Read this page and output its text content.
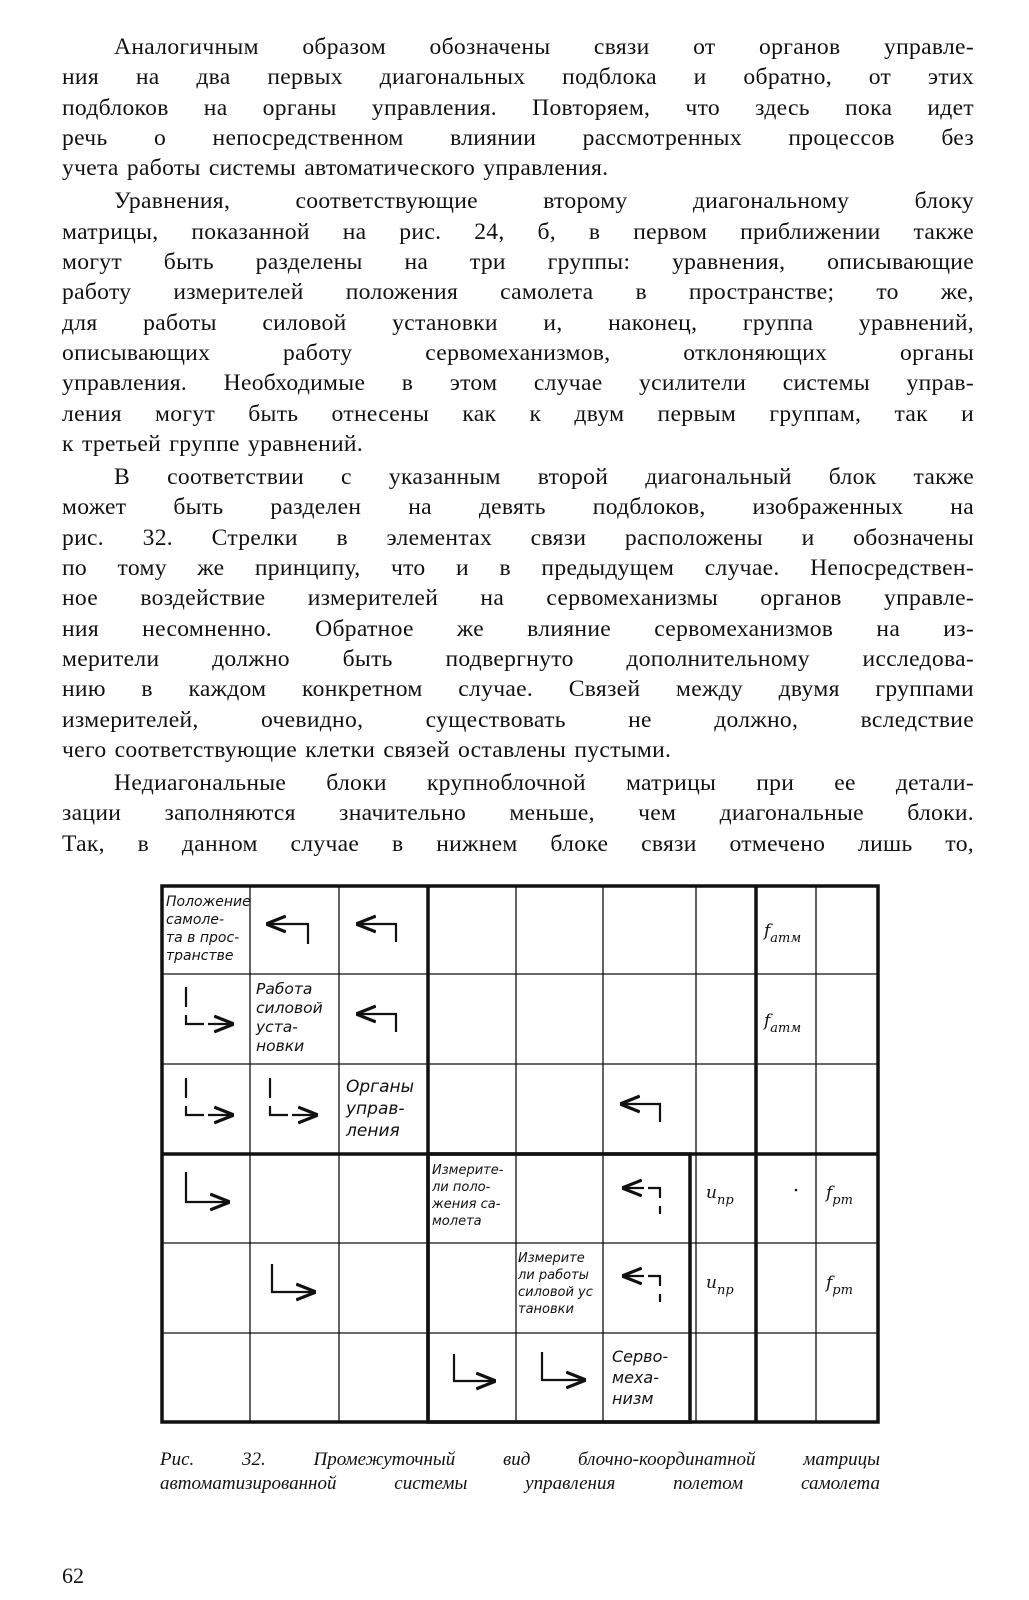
Аналогичным образом обозначены связи от органов управле-
ния на два первых диагональных подблока и обратно, от этих
подблоков на органы управления. Повторяем, что здесь пока идет
речь о непосредственном влиянии рассмотренных процессов без
учета работы системы автоматического управления.

Уравнения, соответствующие второму диагональному блоку
матрицы, показанной на рис. 24, б, в первом приближении также
могут быть разделены на три группы: уравнения, описывающие
работу измерителей положения самолета в пространстве; то же,
для работы силовой установки и, наконец, группа уравнений,
описывающих работу сервомеханизмов, отклоняющих органы
управления. Необходимые в этом случае усилители системы управ-
ления могут быть отнесены как к двум первым группам, так и
к третьей группе уравнений.

В соответствии с указанным второй диагональный блок также
может быть разделен на девять подблоков, изображенных на
рис. 32. Стрелки в элементах связи расположены и обозначены
по тому же принципу, что и в предыдущем случае. Непосредствен-
ное воздействие измерителей на сервомеханизмы органов управле-
ния несомненно. Обратное же влияние сервомеханизмов на из-
мерители должно быть подвергнуто дополнительному исследова-
нию в каждом конкретном случае. Связей между двумя группами
измерителей, очевидно, существовать не должно, вследствие
чего соответствующие клетки связей оставлены пустыми.

Недиагональные блоки крупноблочной матрицы при ее детали-
зации заполняются значительно меньше, чем диагональные блоки.
Так, в данном случае в нижнем блоке связи отмечено лишь то,

Положение самоле- та в прос- транстве
Работа силовой уста- новки
Органы управ- ления
Измерите- ли поло- жения са- молета
Измерите ли работы силовой ус тановки
Серво- меха- низм
$f_{атм}$
$f_{атм}$
$u_{пр}$
$u_{пр}$
$f_{рm}$
$f_{рm}$
Рис. 32. Промежуточный вид блочно-координатной матрицы
автоматизированной системы управления полетом самолета
62
